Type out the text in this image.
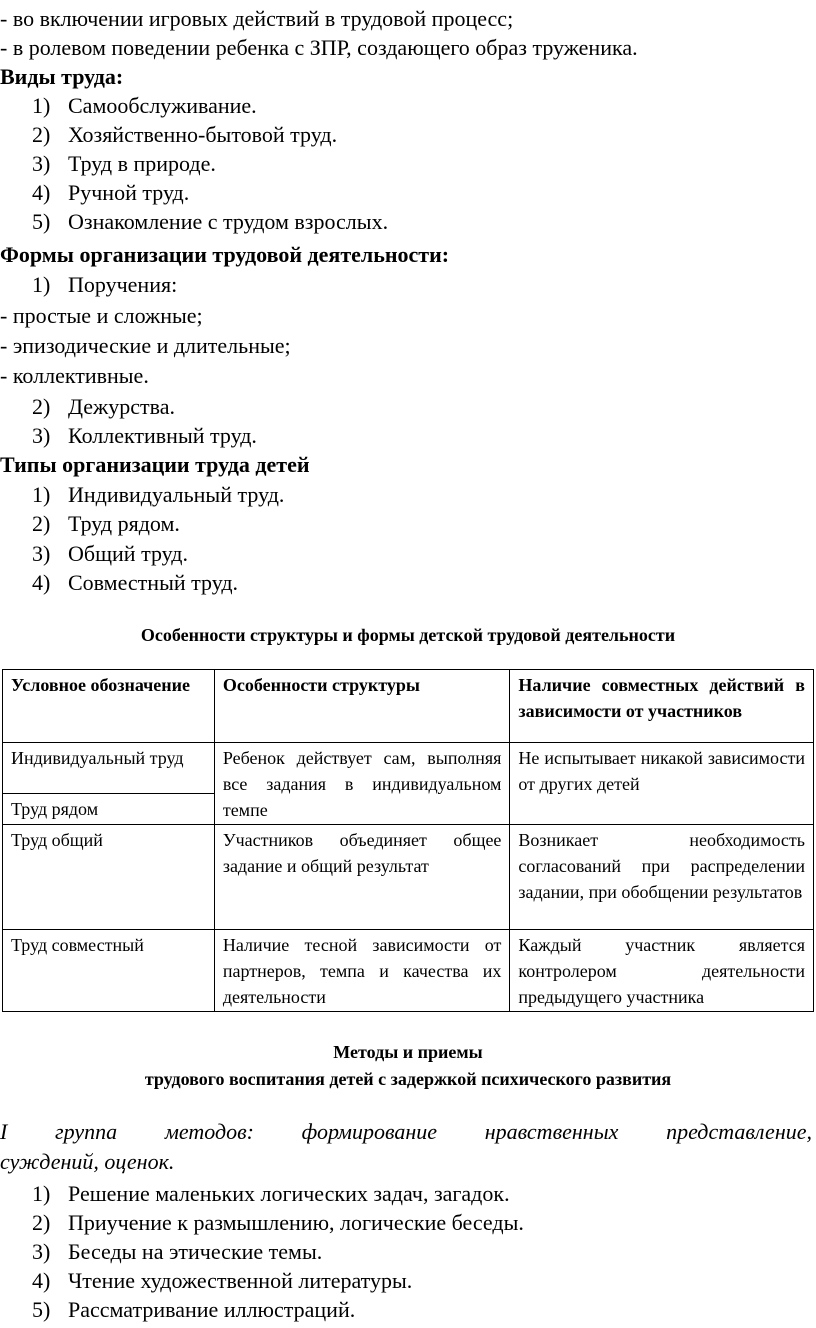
- во включении игровых действий в трудовой процесс;
- в ролевом поведении ребенка с ЗПР, создающего образ труженика.
Виды труда:
1) Самообслуживание.
2) Хозяйственно-бытовой труд.
3) Труд в природе.
4) Ручной труд.
5) Ознакомление с трудом взрослых.
Формы организации трудовой деятельности:
1) Поручения:
- простые и сложные;
- эпизодические и длительные;
- коллективные.
2) Дежурства.
3) Коллективный труд.
Типы организации труда детей
1) Индивидуальный труд.
2) Труд рядом.
3) Общий труд.
4) Совместный труд.
Особенности структуры и формы детской трудовой деятельности
Условное обозначение	Особенности структуры	Наличие совместных действий в зависимости от участников
Индивидуальный труд	Ребенок действует сам, выполняя все задания в индивидуальном темпе	Не испытывает никакой зависимости от других детей
Труд рядом		
Труд общий	Участников объединяет общее задание и общий результат	Возникает необходимость согласований при распределении задании, при обобщении результатов
Труд совместный	Наличие тесной зависимости от партнеров, темпа и качества их деятельности	Каждый участник является контролером деятельности предыдущего участника
Методы и приемы
трудового воспитания детей с задержкой психического развития
I группа методов: формирование нравственных представление,
суждений, оценок.
1) Решение маленьких логических задач, загадок.
2) Приучение к размышлению, логические беседы.
3) Беседы на этические темы.
4) Чтение художественной литературы.
5) Рассматривание иллюстраций.
